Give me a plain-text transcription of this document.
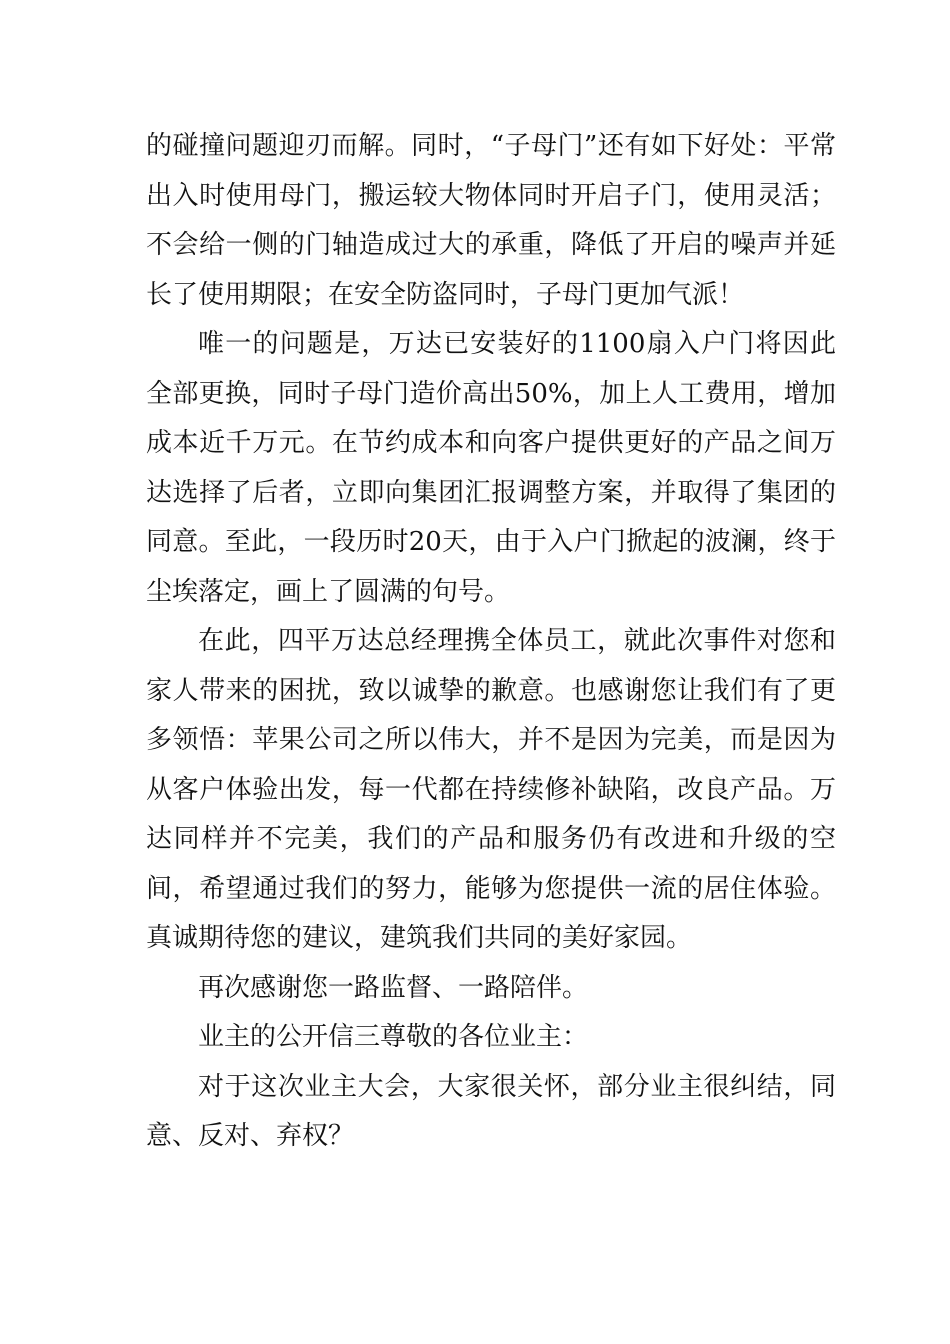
的碰撞问题迎刃而解。同时，“子母门”还有如下好处：平常出入时使用母门，搬运较大物体同时开启子门，使用灵活；不会给一侧的门轴造成过大的承重，降低了开启的噪声并延长了使用期限；在安全防盗同时，子母门更加气派！

唯一的问题是，万达已安装好的1100扇入户门将因此全部更换，同时子母门造价高出50%，加上人工费用，增加成本近千万元。在节约成本和向客户提供更好的产品之间万达选择了后者，立即向集团汇报调整方案，并取得了集团的同意。至此，一段历时20天，由于入户门掀起的波澜，终于尘埃落定，画上了圆满的句号。

在此，四平万达总经理携全体员工，就此次事件对您和家人带来的困扰，致以诚挚的歉意。也感谢您让我们有了更多领悟：苹果公司之所以伟大，并不是因为完美，而是因为从客户体验出发，每一代都在持续修补缺陷，改良产品。万达同样并不完美，我们的产品和服务仍有改进和升级的空间，希望通过我们的努力，能够为您提供一流的居住体验。真诚期待您的建议，建筑我们共同的美好家园。

再次感谢您一路监督、一路陪伴。

业主的公开信三尊敬的各位业主：

对于这次业主大会，大家很关怀，部分业主很纠结，同意、反对、弃权？
